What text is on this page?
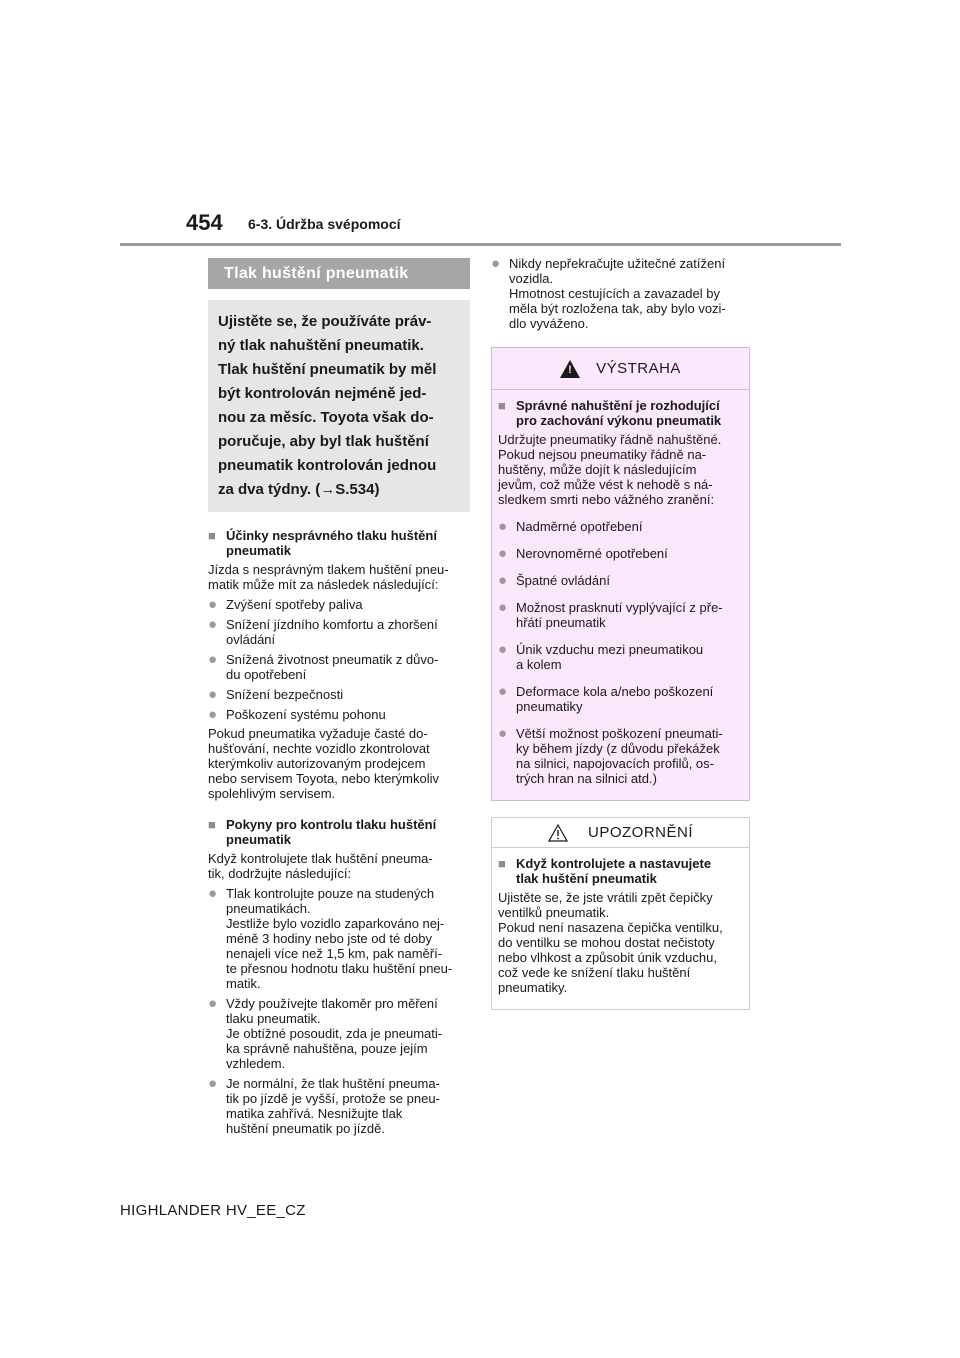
454 6-3. Údržba svépomocí
Tlak huštění pneumatik
Ujistěte se, že používáte práv-
ný tlak nahuštění pneumatik.
Tlak huštění pneumatik by měl
být kontrolován nejméně jed-
nou za měsíc. Toyota však do-
poručuje, aby byl tlak huštění
pneumatik kontrolován jednou
za dva týdny. (→S.534)
■ Účinky nesprávného tlaku huštění
pneumatik
Jízda s nesprávným tlakem huštění pneu-
matik může mít za následek následující:
● Zvýšení spotřeby paliva
● Snížení jízdního komfortu a zhoršení
ovládání
● Snížená životnost pneumatik z důvo-
du opotřebení
● Snížení bezpečnosti
● Poškození systému pohonu
Pokud pneumatika vyžaduje časté do-
hušťování, nechte vozidlo zkontrolovat
kterýmkoliv autorizovaným prodejcem
nebo servisem Toyota, nebo kterýmkoliv
spolehlivým servisem.
■ Pokyny pro kontrolu tlaku huštění
pneumatik
Když kontrolujete tlak huštění pneuma-
tik, dodržujte následující:
● Tlak kontrolujte pouze na studených
pneumatikách.
Jestliže bylo vozidlo zaparkováno nej-
méně 3 hodiny nebo jste od té doby
nenajeli více než 1,5 km, pak naměří-
te přesnou hodnotu tlaku huštění pneu-
matik.
● Vždy používejte tlakoměr pro měření
tlaku pneumatik.
Je obtížné posoudit, zda je pneumati-
ka správně nahuštěna, pouze jejím
vzhledem.
● Je normální, že tlak huštění pneuma-
tik po jízdě je vyšší, protože se pneu-
matika zahřívá. Nesnižujte tlak
huštění pneumatik po jízdě.
● Nikdy nepřekračujte užitečné zatížení
vozidla.
Hmotnost cestujících a zavazadel by
měla být rozložena tak, aby bylo vozi-
dlo vyváženo.
! VÝSTRAHA
■ Správné nahuštění je rozhodující
pro zachování výkonu pneumatik
Udržujte pneumatiky řádně nahuštěné.
Pokud nejsou pneumatiky řádně na-
huštěny, může dojít k následujícím
jevům, což může vést k nehodě s ná-
sledkem smrti nebo vážného zranění:
● Nadměrné opotřebení
● Nerovnoměrné opotřebení
● Špatné ovládání
● Možnost prasknutí vyplývající z pře-
hřátí pneumatik
● Únik vzduchu mezi pneumatikou
a kolem
● Deformace kola a/nebo poškození
pneumatiky
● Větší možnost poškození pneumati-
ky během jízdy (z důvodu překážek
na silnici, napojovacích profilů, os-
trých hran na silnici atd.)
UPOZORNĚNÍ
■ Když kontrolujete a nastavujete
tlak huštění pneumatik
Ujistěte se, že jste vrátili zpět čepičky
ventilků pneumatik.
Pokud není nasazena čepička ventilku,
do ventilku se mohou dostat nečistoty
nebo vlhkost a způsobit únik vzduchu,
což vede ke snížení tlaku huštění
pneumatiky.
HIGHLANDER HV_EE_CZ
